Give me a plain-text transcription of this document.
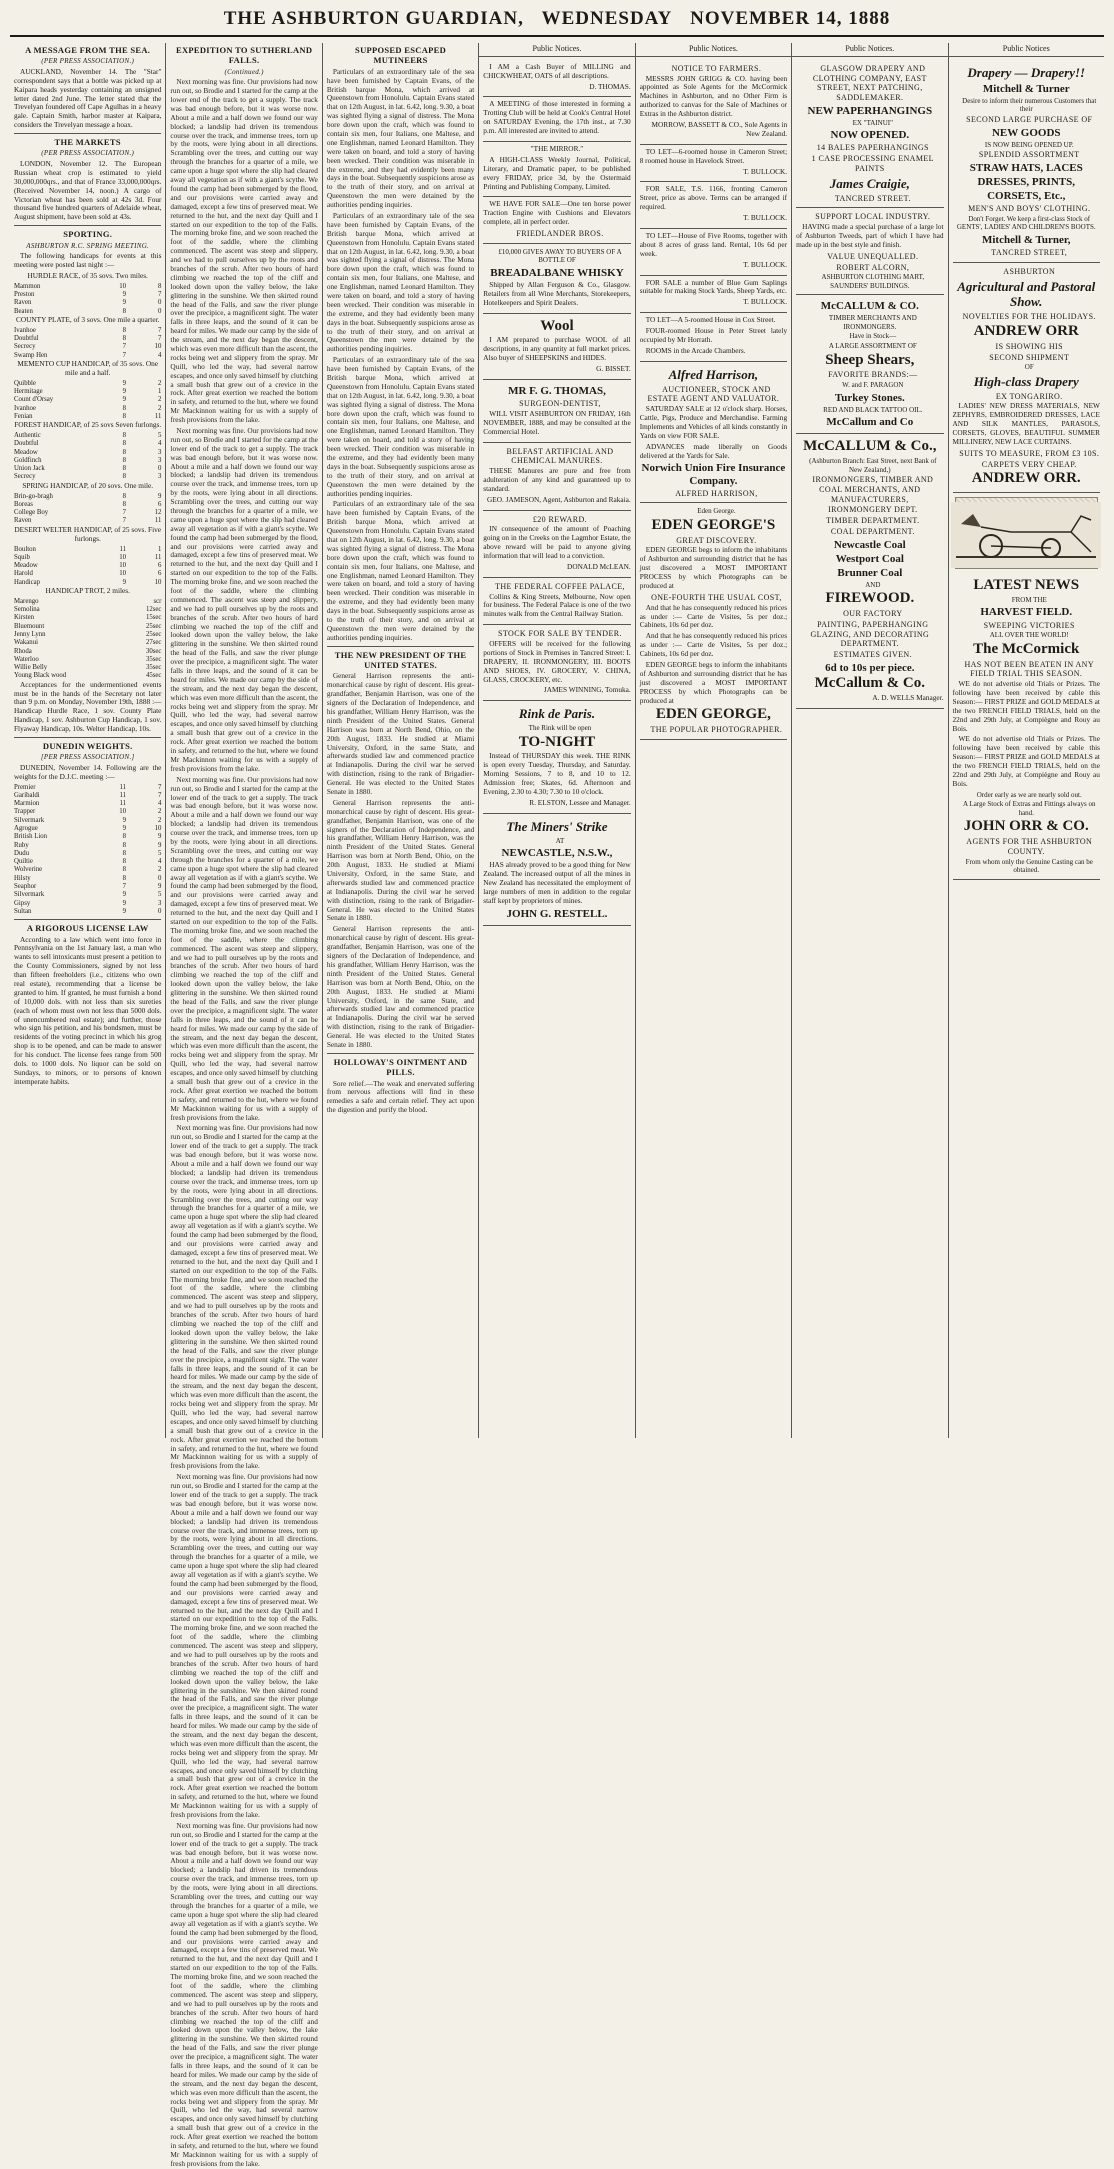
THE ASHBURTON GUARDIAN, WEDNESDAY NOVEMBER 14, 1888
A MESSAGE FROM THE SEA.
(PER PRESS ASSOCIATION.)

AUCKLAND, November 14. The "Star" correspondent says that a bottle was picked up at Kaipara heads yesterday containing an unsigned letter dated 2nd June. The letter stated that the Trevelyan foundered off Cape Agulhas in a heavy gale. Captain Smith, harbor master at Kaipara, considers the Trevelyan message a hoax.

THE MARKETS
(PER PRESS ASSOCIATION.)

LONDON, November 12. The European Russian wheat crop is estimated to yield 30,000,000qrs., and that of France 33,000,000qrs. (Received November 14, noon.) A cargo of Victorian wheat has been sold at 42s 3d. Four thousand five hundred quarters of Adelaide wheat, August shipment, have been sold at 43s.

SPORTING.
ASHBURTON R.C. SPRING MEETING.

The following handicaps for events at this meeting were posted last night :—

HURDLE RACE, of 35 sovs. Two miles.

Mammon	10	8
Preston	9	7
Raven	9	0
Beaten	8	0

COUNTY PLATE, of 3 sovs. One mile a quarter.

Ivanhoe	8	7
Doubtful	8	7
Secrecy	7	10
Swamp Hen	7	4

MEMENTO CUP HANDICAP, of 35 sovs. One mile and a half.

Quibble	9	2
Hermitage	9	1
Count d'Orsay	9	2
Ivanhoe	8	2
Fenian	8	11

FOREST HANDICAP, of 25 sovs Seven furlongs.

Authentic	8	5
Doubtful	8	4
Meadow	8	3
Goldfinch	8	3
Union Jack	8	0
Secrecy	8	3

SPRING HANDICAP, of 20 sovs. One mile.

Brin-go-bragh	8	9
Boreas	8	6
College Boy	7	12
Raven	7	11

DESERT WELTER HANDICAP, of 25 sovs. Five furlongs.

Boulton	11	1
Squib	10	11
Meadow	10	6
Harold	10	6
Handicap	9	10

HANDICAP TROT, 2 miles.

Marengo	scr
Semolina	12sec
Kirsten	15sec
Bluemount	25sec
Jenny Lynn	25sec
Wakanui	27sec
Rhoda	30sec
Waterloo	35sec
Willie Belly	35sec
Young Black wood	45sec

Acceptances for the undermentioned events must be in the hands of the Secretary not later than 9 p.m. on Monday, November 19th, 1888 :—Handicap Hurdle Race, 1 sov. County Plate Handicap, 1 sov. Ashburton Cup Handicap, 1 sov. Flyaway Handicap, 10s. Welter Handicap, 10s.

DUNEDIN WEIGHTS.
[PER PRESS ASSOCIATION.]

DUNEDIN, November 14. Following are the weights for the D.J.C. meeting :—

Premier	11	7
Garibaldi	11	7
Marmion	11	4
Trapper	10	2
Silvermark	9	2
Agrogue	9	10
British Lion	8	9
Ruby	8	9
Dudu	8	5
Quiltie	8	4
Wolverine	8	2
Hilsty	8	0
Seaphor	7	9
Silvermark	9	5
Gipsy	9	3
Sultan	9	0
A RIGOROUS LICENSE LAW

According to a law which went into force in Pennsylvania on the 1st January last, a man who wants to sell intoxicants must present a petition to the County Commissioners, signed by not less than fifteen freeholders (i.e., citizens who own real estate), recommending that a license be granted to him. If granted, he must furnish a bond of 10,000 dols. with not less than six sureties (each of whom must own not less than 5000 dols. of unencumbered real estate); and further, those who sign his petition, and his bondsmen, must be residents of the voting precinct in which his grog shop is to be opened, and can be made to answer for his conduct. The license fees range from 500 dols. to 1000 dols. No liquor can be sold on Sundays, to minors, or to persons of known intemperate habits.

EXPEDITION TO SUTHERLAND FALLS.
(Continued.)

Next morning was fine. Our provisions had now run out, so Brodie and I started for the camp at the lower end of the track to get a supply. The track was bad enough before, but it was worse now. About a mile and a half down we found our way blocked; a landslip had driven its tremendous course over the track, and immense trees, torn up by the roots, were lying about in all directions. Scrambling over the trees, and cutting our way through the branches for a quarter of a mile, we came upon a huge spot where the slip had cleared away all vegetation as if with a giant's scythe. We found the camp had been submerged by the flood, and our provisions were carried away and damaged, except a few tins of preserved meat. We returned to the hut, and the next day Quill and I started on our expedition to the top of the Falls. The morning broke fine, and we soon reached the foot of the saddle, where the climbing commenced. The ascent was steep and slippery, and we had to pull ourselves up by the roots and branches of the scrub. After two hours of hard climbing we reached the top of the cliff and looked down upon the valley below, the lake glittering in the sunshine. We then skirted round the head of the Falls, and saw the river plunge over the precipice, a magnificent sight. The water falls in three leaps, and the sound of it can be heard for miles. We made our camp by the side of the stream, and the next day began the descent, which was even more difficult than the ascent, the rocks being wet and slippery from the spray. Mr Quill, who led the way, had several narrow escapes, and once only saved himself by clutching a small bush that grew out of a crevice in the rock. After great exertion we reached the bottom in safety, and returned to the hut, where we found Mr Mackinnon waiting for us with a supply of fresh provisions from the lake.

Next morning was fine. Our provisions had now run out, so Brodie and I started for the camp at the lower end of the track to get a supply. The track was bad enough before, but it was worse now. About a mile and a half down we found our way blocked; a landslip had driven its tremendous course over the track, and immense trees, torn up by the roots, were lying about in all directions. Scrambling over the trees, and cutting our way through the branches for a quarter of a mile, we came upon a huge spot where the slip had cleared away all vegetation as if with a giant's scythe. We found the camp had been submerged by the flood, and our provisions were carried away and damaged, except a few tins of preserved meat. We returned to the hut, and the next day Quill and I started on our expedition to the top of the Falls. The morning broke fine, and we soon reached the foot of the saddle, where the climbing commenced. The ascent was steep and slippery, and we had to pull ourselves up by the roots and branches of the scrub. After two hours of hard climbing we reached the top of the cliff and looked down upon the valley below, the lake glittering in the sunshine. We then skirted round the head of the Falls, and saw the river plunge over the precipice, a magnificent sight. The water falls in three leaps, and the sound of it can be heard for miles. We made our camp by the side of the stream, and the next day began the descent, which was even more difficult than the ascent, the rocks being wet and slippery from the spray. Mr Quill, who led the way, had several narrow escapes, and once only saved himself by clutching a small bush that grew out of a crevice in the rock. After great exertion we reached the bottom in safety, and returned to the hut, where we found Mr Mackinnon waiting for us with a supply of fresh provisions from the lake.

Next morning was fine. Our provisions had now run out, so Brodie and I started for the camp at the lower end of the track to get a supply. The track was bad enough before, but it was worse now. About a mile and a half down we found our way blocked; a landslip had driven its tremendous course over the track, and immense trees, torn up by the roots, were lying about in all directions. Scrambling over the trees, and cutting our way through the branches for a quarter of a mile, we came upon a huge spot where the slip had cleared away all vegetation as if with a giant's scythe. We found the camp had been submerged by the flood, and our provisions were carried away and damaged, except a few tins of preserved meat. We returned to the hut, and the next day Quill and I started on our expedition to the top of the Falls. The morning broke fine, and we soon reached the foot of the saddle, where the climbing commenced. The ascent was steep and slippery, and we had to pull ourselves up by the roots and branches of the scrub. After two hours of hard climbing we reached the top of the cliff and looked down upon the valley below, the lake glittering in the sunshine. We then skirted round the head of the Falls, and saw the river plunge over the precipice, a magnificent sight. The water falls in three leaps, and the sound of it can be heard for miles. We made our camp by the side of the stream, and the next day began the descent, which was even more difficult than the ascent, the rocks being wet and slippery from the spray. Mr Quill, who led the way, had several narrow escapes, and once only saved himself by clutching a small bush that grew out of a crevice in the rock. After great exertion we reached the bottom in safety, and returned to the hut, where we found Mr Mackinnon waiting for us with a supply of fresh provisions from the lake.

Next morning was fine. Our provisions had now run out, so Brodie and I started for the camp at the lower end of the track to get a supply. The track was bad enough before, but it was worse now. About a mile and a half down we found our way blocked; a landslip had driven its tremendous course over the track, and immense trees, torn up by the roots, were lying about in all directions. Scrambling over the trees, and cutting our way through the branches for a quarter of a mile, we came upon a huge spot where the slip had cleared away all vegetation as if with a giant's scythe. We found the camp had been submerged by the flood, and our provisions were carried away and damaged, except a few tins of preserved meat. We returned to the hut, and the next day Quill and I started on our expedition to the top of the Falls. The morning broke fine, and we soon reached the foot of the saddle, where the climbing commenced. The ascent was steep and slippery, and we had to pull ourselves up by the roots and branches of the scrub. After two hours of hard climbing we reached the top of the cliff and looked down upon the valley below, the lake glittering in the sunshine. We then skirted round the head of the Falls, and saw the river plunge over the precipice, a magnificent sight. The water falls in three leaps, and the sound of it can be heard for miles. We made our camp by the side of the stream, and the next day began the descent, which was even more difficult than the ascent, the rocks being wet and slippery from the spray. Mr Quill, who led the way, had several narrow escapes, and once only saved himself by clutching a small bush that grew out of a crevice in the rock. After great exertion we reached the bottom in safety, and returned to the hut, where we found Mr Mackinnon waiting for us with a supply of fresh provisions from the lake.

Next morning was fine. Our provisions had now run out, so Brodie and I started for the camp at the lower end of the track to get a supply. The track was bad enough before, but it was worse now. About a mile and a half down we found our way blocked; a landslip had driven its tremendous course over the track, and immense trees, torn up by the roots, were lying about in all directions. Scrambling over the trees, and cutting our way through the branches for a quarter of a mile, we came upon a huge spot where the slip had cleared away all vegetation as if with a giant's scythe. We found the camp had been submerged by the flood, and our provisions were carried away and damaged, except a few tins of preserved meat. We returned to the hut, and the next day Quill and I started on our expedition to the top of the Falls. The morning broke fine, and we soon reached the foot of the saddle, where the climbing commenced. The ascent was steep and slippery, and we had to pull ourselves up by the roots and branches of the scrub. After two hours of hard climbing we reached the top of the cliff and looked down upon the valley below, the lake glittering in the sunshine. We then skirted round the head of the Falls, and saw the river plunge over the precipice, a magnificent sight. The water falls in three leaps, and the sound of it can be heard for miles. We made our camp by the side of the stream, and the next day began the descent, which was even more difficult than the ascent, the rocks being wet and slippery from the spray. Mr Quill, who led the way, had several narrow escapes, and once only saved himself by clutching a small bush that grew out of a crevice in the rock. After great exertion we reached the bottom in safety, and returned to the hut, where we found Mr Mackinnon waiting for us with a supply of fresh provisions from the lake.

Next morning was fine. Our provisions had now run out, so Brodie and I started for the camp at the lower end of the track to get a supply. The track was bad enough before, but it was worse now. About a mile and a half down we found our way blocked; a landslip had driven its tremendous course over the track, and immense trees, torn up by the roots, were lying about in all directions. Scrambling over the trees, and cutting our way through the branches for a quarter of a mile, we came upon a huge spot where the slip had cleared away all vegetation as if with a giant's scythe. We found the camp had been submerged by the flood, and our provisions were carried away and damaged, except a few tins of preserved meat. We returned to the hut, and the next day Quill and I started on our expedition to the top of the Falls. The morning broke fine, and we soon reached the foot of the saddle, where the climbing commenced. The ascent was steep and slippery, and we had to pull ourselves up by the roots and branches of the scrub. After two hours of hard climbing we reached the top of the cliff and looked down upon the valley below, the lake glittering in the sunshine. We then skirted round the head of the Falls, and saw the river plunge over the precipice, a magnificent sight. The water falls in three leaps, and the sound of it can be heard for miles. We made our camp by the side of the stream, and the next day began the descent, which was even more difficult than the ascent, the rocks being wet and slippery from the spray. Mr Quill, who led the way, had several narrow escapes, and once only saved himself by clutching a small bush that grew out of a crevice in the rock. After great exertion we reached the bottom in safety, and returned to the hut, where we found Mr Mackinnon waiting for us with a supply of fresh provisions from the lake.

SUPPOSED ESCAPED MUTINEERS

Particulars of an extraordinary tale of the sea have been furnished by Captain Evans, of the British barque Mona, which arrived at Queenstown from Honolulu. Captain Evans stated that on 12th August, in lat. 6.42, long. 9.30, a boat was sighted flying a signal of distress. The Mona bore down upon the craft, which was found to contain six men, four Italians, one Maltese, and one Englishman, named Leonard Hamilton. They were taken on board, and told a story of having been wrecked. Their condition was miserable in the extreme, and they had evidently been many days in the boat. Subsequently suspicions arose as to the truth of their story, and on arrival at Queenstown the men were detained by the authorities pending inquiries.

Particulars of an extraordinary tale of the sea have been furnished by Captain Evans, of the British barque Mona, which arrived at Queenstown from Honolulu. Captain Evans stated that on 12th August, in lat. 6.42, long. 9.30, a boat was sighted flying a signal of distress. The Mona bore down upon the craft, which was found to contain six men, four Italians, one Maltese, and one Englishman, named Leonard Hamilton. They were taken on board, and told a story of having been wrecked. Their condition was miserable in the extreme, and they had evidently been many days in the boat. Subsequently suspicions arose as to the truth of their story, and on arrival at Queenstown the men were detained by the authorities pending inquiries.

Particulars of an extraordinary tale of the sea have been furnished by Captain Evans, of the British barque Mona, which arrived at Queenstown from Honolulu. Captain Evans stated that on 12th August, in lat. 6.42, long. 9.30, a boat was sighted flying a signal of distress. The Mona bore down upon the craft, which was found to contain six men, four Italians, one Maltese, and one Englishman, named Leonard Hamilton. They were taken on board, and told a story of having been wrecked. Their condition was miserable in the extreme, and they had evidently been many days in the boat. Subsequently suspicions arose as to the truth of their story, and on arrival at Queenstown the men were detained by the authorities pending inquiries.

Particulars of an extraordinary tale of the sea have been furnished by Captain Evans, of the British barque Mona, which arrived at Queenstown from Honolulu. Captain Evans stated that on 12th August, in lat. 6.42, long. 9.30, a boat was sighted flying a signal of distress. The Mona bore down upon the craft, which was found to contain six men, four Italians, one Maltese, and one Englishman, named Leonard Hamilton. They were taken on board, and told a story of having been wrecked. Their condition was miserable in the extreme, and they had evidently been many days in the boat. Subsequently suspicions arose as to the truth of their story, and on arrival at Queenstown the men were detained by the authorities pending inquiries.

THE NEW PRESIDENT OF THE UNITED STATES.

General Harrison represents the anti-monarchical cause by right of descent. His great-grandfather, Benjamin Harrison, was one of the signers of the Declaration of Independence, and his grandfather, William Henry Harrison, was the ninth President of the United States. General Harrison was born at North Bend, Ohio, on the 20th August, 1833. He studied at Miami University, Oxford, in the same State, and afterwards studied law and commenced practice at Indianapolis. During the civil war he served with distinction, rising to the rank of Brigadier-General. He was elected to the United States Senate in 1880.

General Harrison represents the anti-monarchical cause by right of descent. His great-grandfather, Benjamin Harrison, was one of the signers of the Declaration of Independence, and his grandfather, William Henry Harrison, was the ninth President of the United States. General Harrison was born at North Bend, Ohio, on the 20th August, 1833. He studied at Miami University, Oxford, in the same State, and afterwards studied law and commenced practice at Indianapolis. During the civil war he served with distinction, rising to the rank of Brigadier-General. He was elected to the United States Senate in 1880.

General Harrison represents the anti-monarchical cause by right of descent. His great-grandfather, Benjamin Harrison, was one of the signers of the Declaration of Independence, and his grandfather, William Henry Harrison, was the ninth President of the United States. General Harrison was born at North Bend, Ohio, on the 20th August, 1833. He studied at Miami University, Oxford, in the same State, and afterwards studied law and commenced practice at Indianapolis. During the civil war he served with distinction, rising to the rank of Brigadier-General. He was elected to the United States Senate in 1880.

HOLLOWAY'S OINTMENT AND PILLS.

Sore relief.—The weak and enervated suffering from nervous affections will find in these remedies a safe and certain relief. They act upon the digestion and purify the blood.

Public Notices.

I AM a Cash Buyer of MILLING and CHICKWHEAT, OATS of all descriptions.

D. THOMAS.

A MEETING of those interested in forming a Trotting Club will be held at Cook's Central Hotel on SATURDAY Evening, the 17th inst., at 7.30 p.m. All interested are invited to attend.

"THE MIRROR."

A HIGH-CLASS Weekly Journal, Political, Literary, and Dramatic paper, to be published every FRIDAY, price 3d, by the Ostermaid Printing and Publishing Company, Limited.

WE HAVE FOR SALE—One ten horse power Traction Engine with Cushions and Elevators complete, all in perfect order.

FRIEDLANDER BROS.

£10,000 GIVES AWAY TO BUYERS OF A BOTTLE OF

BREADALBANE WHISKY

Shipped by Allan Ferguson & Co., Glasgow. Retailers from all Wine Merchants, Storekeepers, Hotelkeepers and Spirit Dealers.

Wool

I AM prepared to purchase WOOL of all descriptions, in any quantity at full market prices. Also buyer of SHEEPSKINS and HIDES.

G. BISSET.

MR F. G. THOMAS,

SURGEON-DENTIST,

WILL VISIT ASHBURTON ON FRIDAY, 16th NOVEMBER, 1888, and may be consulted at the Commercial Hotel.

BELFAST ARTIFICIAL AND CHEMICAL MANURES.

THESE Manures are pure and free from adulteration of any kind and guaranteed up to standard.

GEO. JAMESON, Agent, Ashburton and Rakaia.

£20 REWARD.

IN consequence of the amount of Poaching going on in the Creeks on the Lagmhor Estate, the above reward will be paid to anyone giving information that will lead to a conviction.

DONALD McLEAN.

THE FEDERAL COFFEE PALACE,

Collins & King Streets, Melbourne, Now open for business. The Federal Palace is one of the two minutes walk from the Central Railway Station.

STOCK FOR SALE BY TENDER.

OFFERS will be received for the following portions of Stock in Premises in Tancred Street: I. DRAPERY, II. IRONMONGERY, III. BOOTS AND SHOES, IV. GROCERY, V. CHINA, GLASS, CROCKERY, etc.

JAMES WINNING, Tomuka.

Rink de Paris.

The Rink will be open

TO-NIGHT

Instead of THURSDAY this week. THE RINK is open every Tuesday, Thursday, and Saturday. Morning Sessions, 7 to 8, and 10 to 12. Admission free; Skates, 6d. Afternoon and Evening, 2.30 to 4.30; 7.30 to 10 o'clock.

R. ELSTON, Lessee and Manager.

The Miners' Strike

AT

NEWCASTLE, N.S.W.,

HAS already proved to be a good thing for New Zealand. The increased output of all the mines in New Zealand has necessitated the employment of large numbers of men in addition to the regular staff kept by proprietors of mines.

JOHN G. RESTELL.
Public Notices.

NOTICE TO FARMERS.

MESSRS JOHN GRIGG & CO. having been appointed as Sole Agents for the McCormick Machines in Ashburton, and no Other Firm is authorized to canvas for the Sale of Machines or Extras in the Ashburton district.

MORROW, BASSETT & CO., Sole Agents in New Zealand.

TO LET—6-roomed house in Cameron Street; 8 roomed house in Havelock Street.

T. BULLOCK.

FOR SALE, T.S. 1166, fronting Cameron Street, price as above. Terms can be arranged if required.

T. BULLOCK.

TO LET—House of Five Rooms, together with about 8 acres of grass land. Rental, 10s 6d per week.

T. BULLOCK.

FOR SALE a number of Blue Gum Saplings suitable for making Stock Yards, Sheep Yards, etc.

T. BULLOCK.

TO LET—A 5-roomed House in Cox Street.

FOUR-roomed House in Peter Street lately occupied by Mr Horrath.

ROOMS in the Arcade Chambers.

Alfred Harrison,

AUCTIONEER, STOCK AND ESTATE AGENT AND VALUATOR.

SATURDAY SALE at 12 o'clock sharp. Horses, Cattle, Pigs, Produce and Merchandise. Farming Implements and Vehicles of all kinds constantly in Yards on view FOR SALE.

ADVANCES made liberally on Goods delivered at the Yards for Sale.

Norwich Union Fire Insurance Company.

ALFRED HARRISON,

Eden George.

EDEN GEORGE'S

GREAT DISCOVERY.

EDEN GEORGE begs to inform the inhabitants of Ashburton and surrounding district that he has just discovered a MOST IMPORTANT PROCESS by which Photographs can be produced at

ONE-FOURTH THE USUAL COST,

And that he has consequently reduced his prices as under :— Carte de Visites, 5s per doz.; Cabinets, 10s 6d per doz.

And that he has consequently reduced his prices as under :— Carte de Visites, 5s per doz.; Cabinets, 10s 6d per doz.

EDEN GEORGE begs to inform the inhabitants of Ashburton and surrounding district that he has just discovered a MOST IMPORTANT PROCESS by which Photographs can be produced at

EDEN GEORGE,

THE POPULAR PHOTOGRAPHER.

Public Notices.

GLASGOW DRAPERY AND CLOTHING COMPANY, EAST STREET, NEXT PATCHING, SADDLEMAKER.

NEW PAPERHANGINGS

EX "TAINUI"

NOW OPENED.

14 BALES PAPERHANGINGS

1 CASE PROCESSING ENAMEL PAINTS

James Craigie,

TANCRED STREET.

SUPPORT LOCAL INDUSTRY.

HAVING made a special purchase of a large lot of Ashburton Tweeds, part of which I have had made up in the best style and finish.

VALUE UNEQUALLED.

ROBERT ALCORN,

ASHBURTON CLOTHING MART, SAUNDERS' BUILDINGS.

McCALLUM & CO.

TIMBER MERCHANTS AND IRONMONGERS.

Have in Stock—

A LARGE ASSORTMENT OF

Sheep Shears,

FAVORITE BRANDS:—

W. and F. PARAGON

Turkey Stones.

RED AND BLACK TATTOO OIL.

McCallum and Co
McCALLUM & Co.,

(Ashburton Branch: East Street, next Bank of New Zealand,)

IRONMONGERS, TIMBER AND COAL MERCHANTS, AND MANUFACTURERS,

IRONMONGERY DEPT.

TIMBER DEPARTMENT.

COAL DEPARTMENT.

Newcastle Coal
Westport Coal
Brunner Coal

AND

FIREWOOD.

OUR FACTORY

PAINTING, PAPERHANGING GLAZING, AND DECORATING DEPARTMENT.

ESTIMATES GIVEN.

6d to 10s per piece.
McCallum & Co.

A. D. WELLS Manager.

Public Notices
Drapery — Drapery!!
Mitchell & Turner

Desire to inform their numerous Customers that their

SECOND LARGE PURCHASE OF

NEW GOODS

IS NOW BEING OPENED UP.

SPLENDID ASSORTMENT

STRAW HATS, LACES
DRESSES, PRINTS,
CORSETS, Etc.,

MEN'S AND BOYS' CLOTHING.

Don't Forget. We keep a first-class Stock of GENTS', LADIES' AND CHILDREN'S BOOTS.

Mitchell & Turner,

TANCRED STREET,

ASHBURTON

Agricultural and Pastoral Show.

NOVELTIES FOR THE HOLIDAYS.

ANDREW ORR

IS SHOWING HIS

SECOND SHIPMENT

OF

High-class Drapery

EX TONGARIRO.

LADIES' NEW DRESS MATERIALS, NEW ZEPHYRS, EMBROIDERED DRESSES, LACE AND SILK MANTLES, PARASOLS, CORSETS, GLOVES, BEAUTIFUL SUMMER MILLINERY, NEW LACE CURTAINS.

SUITS TO MEASURE, FROM £3 10S.

CARPETS VERY CHEAP.

ANDREW ORR.
LATEST NEWS

FROM THE

HARVEST FIELD.

SWEEPING VICTORIES

ALL OVER THE WORLD!

The McCormick

HAS NOT BEEN BEATEN IN ANY FIELD TRIAL THIS SEASON.

WE do not advertise old Trials or Prizes. The following have been received by cable this Season:— FIRST PRIZE and GOLD MEDALS at the two FRENCH FIELD TRIALS, held on the 22nd and 29th July, at Compiègne and Rouy au Bois.

WE do not advertise old Trials or Prizes. The following have been received by cable this Season:— FIRST PRIZE and GOLD MEDALS at the two FRENCH FIELD TRIALS, held on the 22nd and 29th July, at Compiègne and Rouy au Bois.

Order early as we are nearly sold out.

A Large Stock of Extras and Fittings always on hand.

JOHN ORR & CO.

AGENTS FOR THE ASHBURTON COUNTY.

From whom only the Genuine Casting can be obtained.
